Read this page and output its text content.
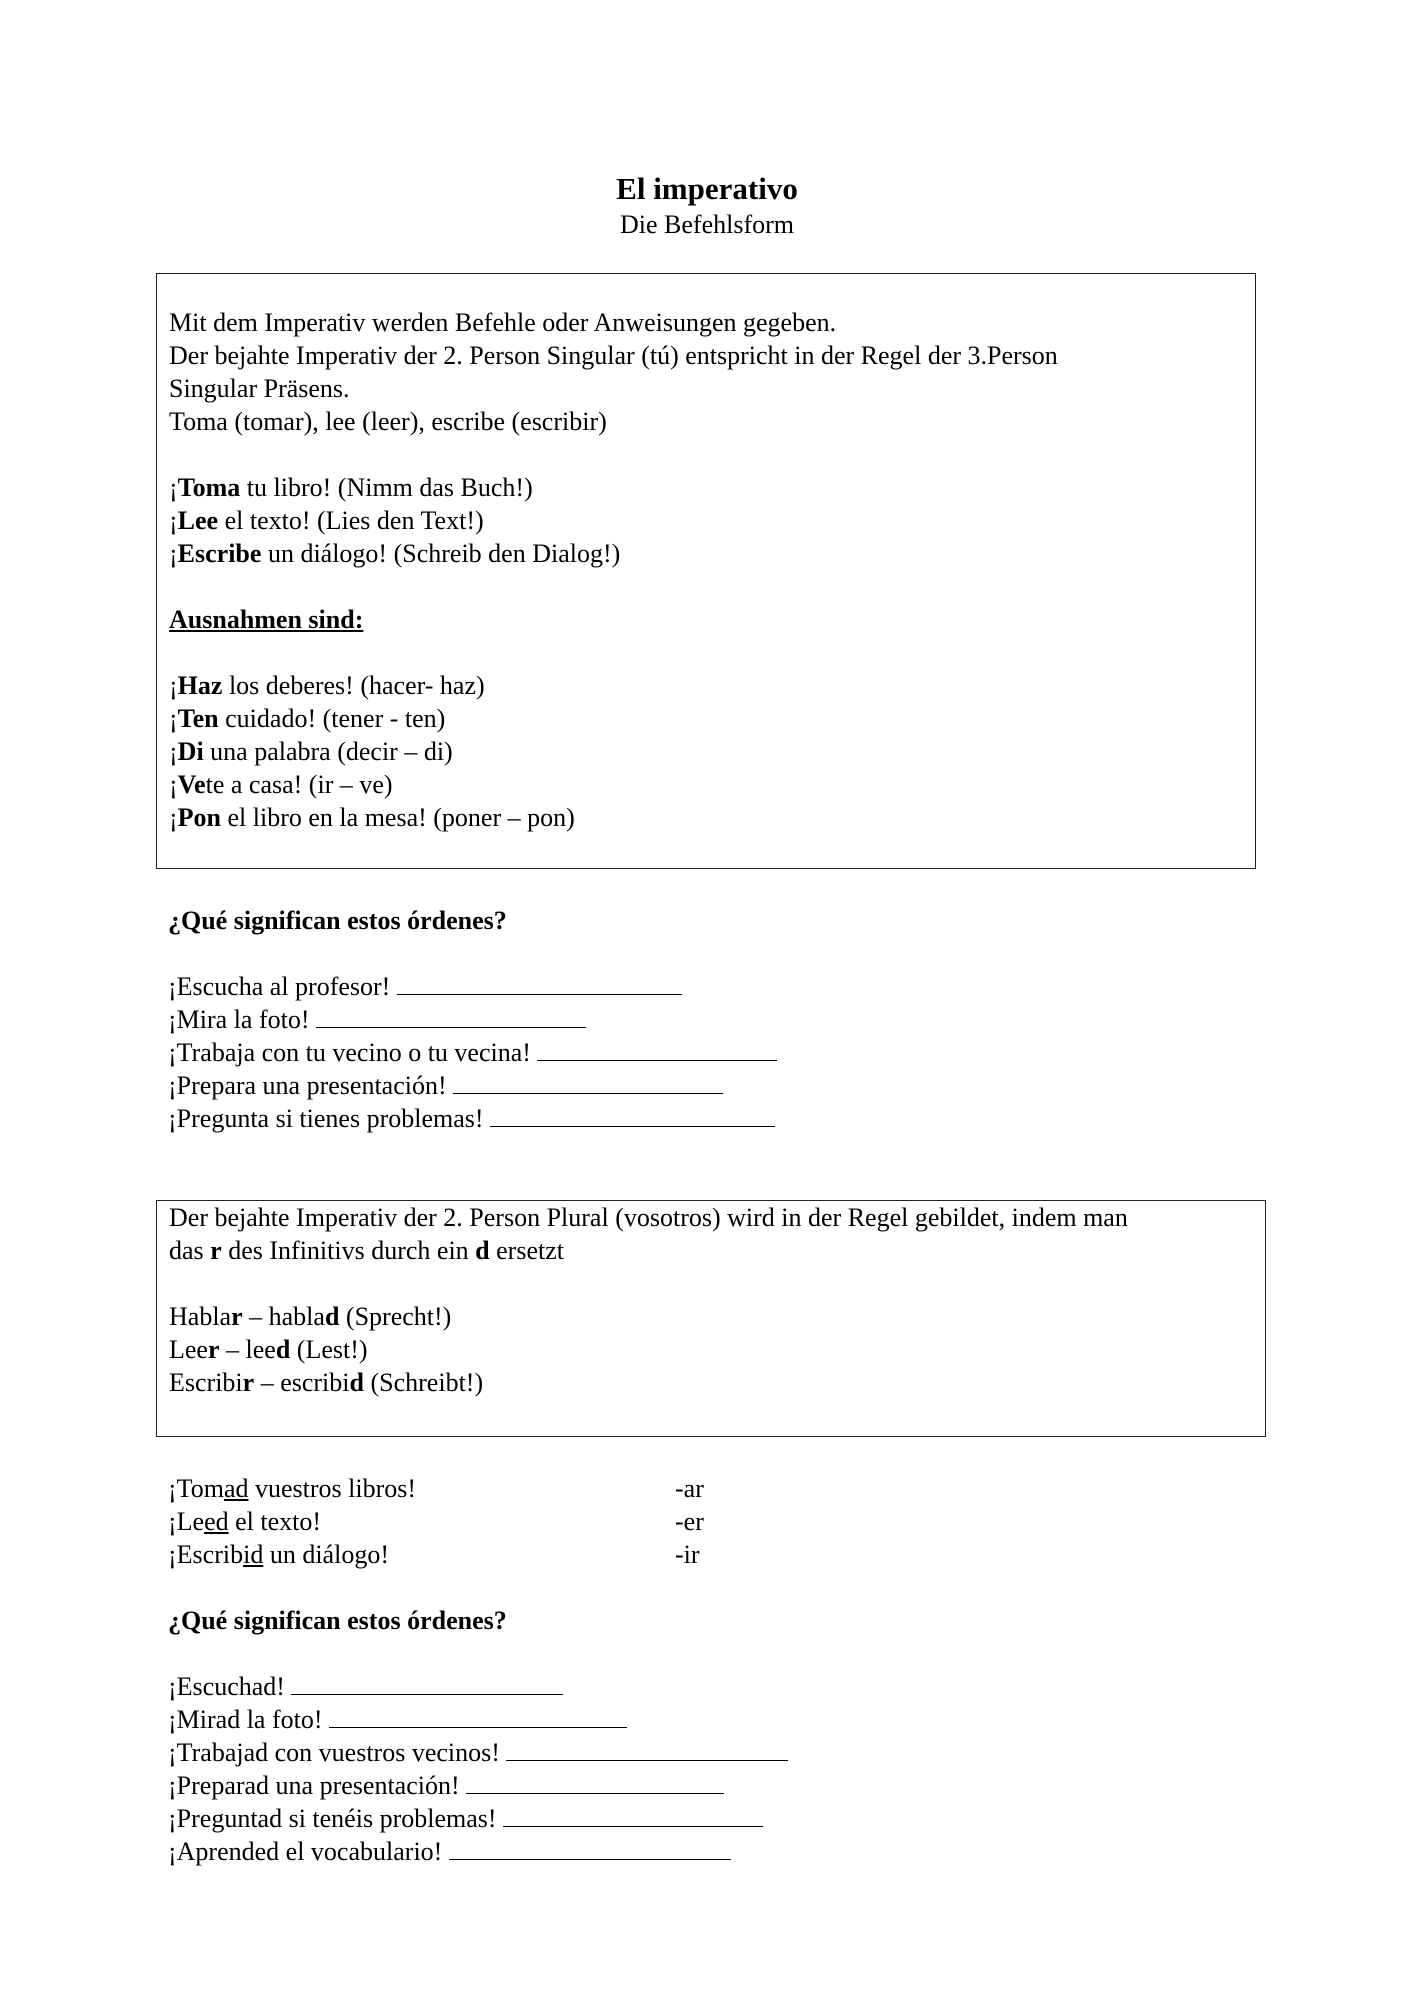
El imperativo
Die Befehlsform
Mit dem Imperativ werden Befehle oder Anweisungen gegeben.
Der bejahte Imperativ der 2. Person Singular (tú) entspricht in der Regel der 3.Person
Singular Präsens.
Toma (tomar), lee (leer), escribe (escribir)
¡Toma tu libro! (Nimm das Buch!)
¡Lee el texto! (Lies den Text!)
¡Escribe un diálogo! (Schreib den Dialog!)
Ausnahmen sind:
¡Haz los deberes! (hacer- haz)
¡Ten cuidado! (tener - ten)
¡Di una palabra (decir – di)
¡Vete a casa! (ir – ve)
¡Pon el libro en la mesa! (poner – pon)
¿Qué significan estos órdenes?
¡Escucha al profesor!
¡Mira la foto!
¡Trabaja con tu vecino o tu vecina!
¡Prepara una presentación!
¡Pregunta si tienes problemas!
Der bejahte Imperativ der 2. Person Plural (vosotros) wird in der Regel gebildet, indem man
das r des Infinitivs durch ein d ersetzt
Hablar – hablad (Sprecht!)
Leer – leed (Lest!)
Escribir – escribid (Schreibt!)
¡Tomad vuestros libros!	-ar
¡Leed el texto!	-er
¡Escribid un diálogo!	-ir
¿Qué significan estos órdenes?
¡Escuchad!
¡Mirad la foto!
¡Trabajad con vuestros vecinos!
¡Preparad una presentación!
¡Preguntad si tenéis problemas!
¡Aprended el vocabulario!
